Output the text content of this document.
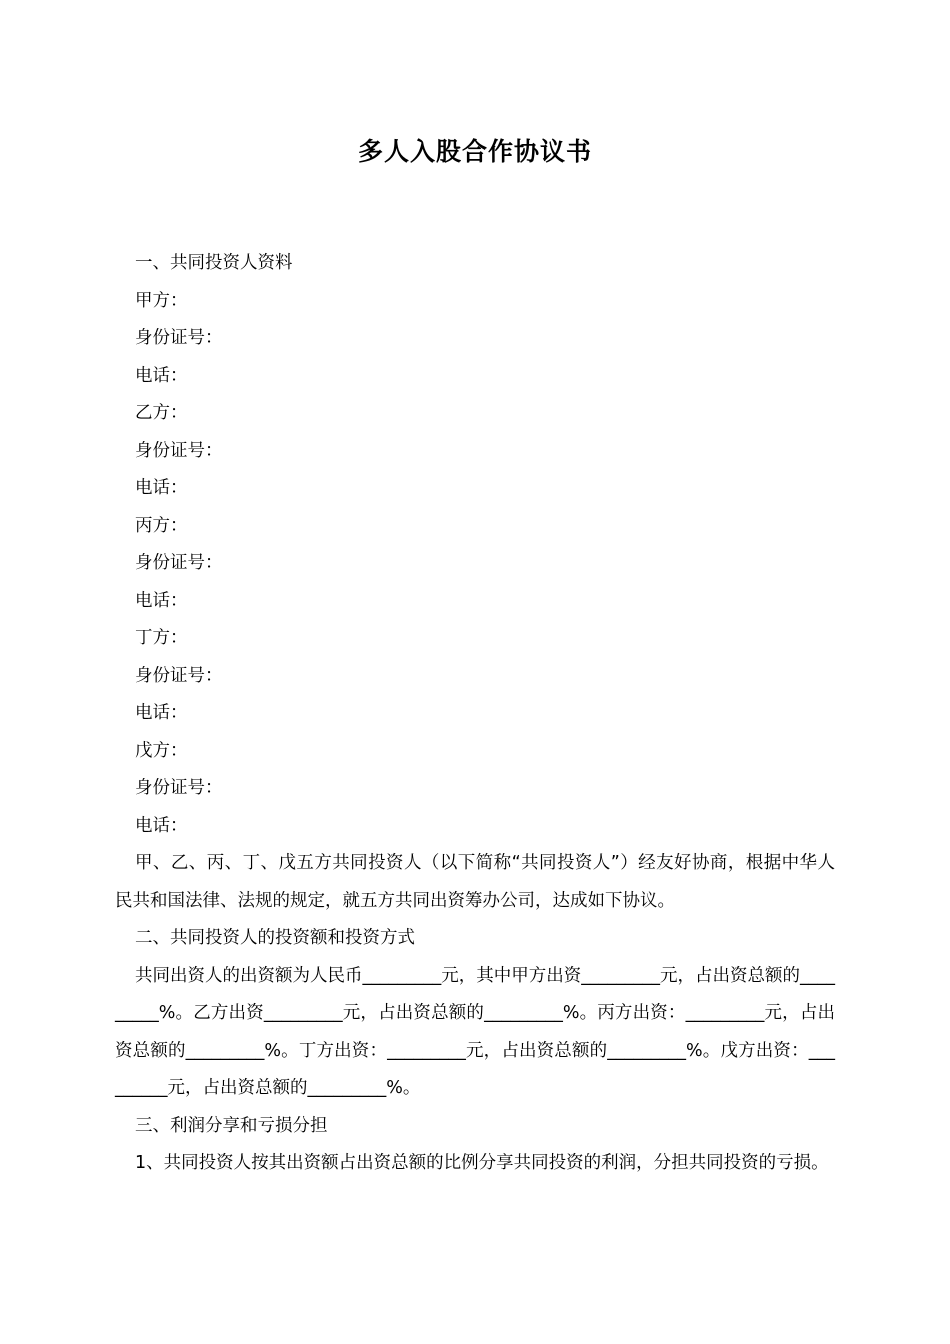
多人入股合作协议书
一、共同投资人资料
甲方：
身份证号：
电话：
乙方：
身份证号：
电话：
丙方：
身份证号：
电话：
丁方：
身份证号：
电话：
戊方：
身份证号：
电话：
甲、乙、丙、丁、戊五方共同投资人（以下简称“共同投资人”）经友好协商，根据中华人民共和国法律、法规的规定，就五方共同出资筹办公司，达成如下协议。
二、共同投资人的投资额和投资方式
共同出资人的出资额为人民币_________元，其中甲方出资_________元，占出资总额的_________%。乙方出资_________元，占出资总额的_________%。丙方出资：_________元，占出资总额的_________%。丁方出资：_________元，占出资总额的_________%。戊方出资：_________元，占出资总额的_________%。
三、利润分享和亏损分担
1、共同投资人按其出资额占出资总额的比例分享共同投资的利润，分担共同投资的亏损。
